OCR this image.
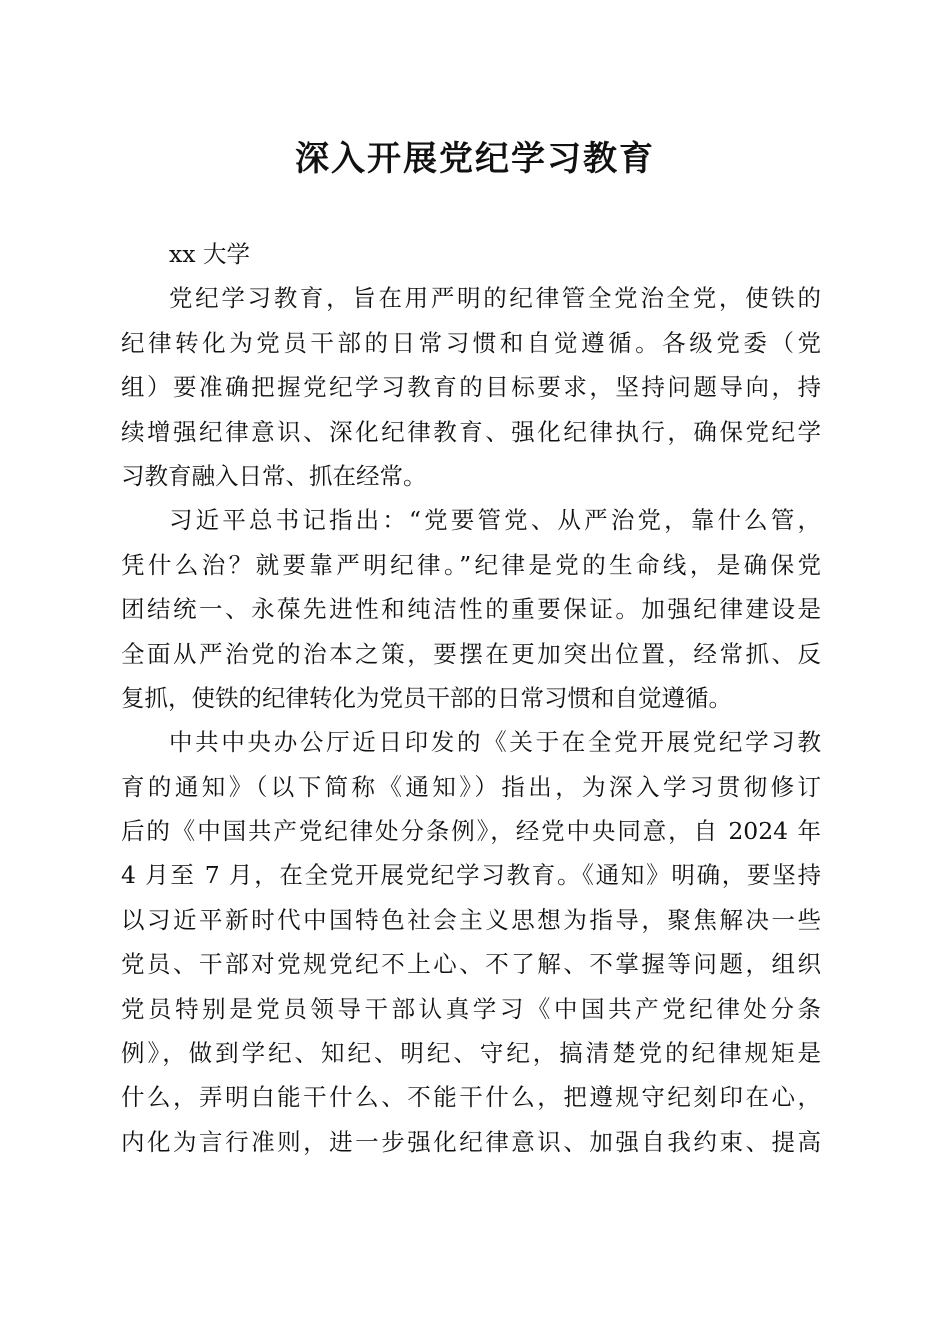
深入开展党纪学习教育
xx 大学
党纪学习教育，旨在用严明的纪律管全党治全党，使铁的
纪律转化为党员干部的日常习惯和自觉遵循。各级党委（党
组）要准确把握党纪学习教育的目标要求，坚持问题导向，持
续增强纪律意识、深化纪律教育、强化纪律执行，确保党纪学
习教育融入日常、抓在经常。
习近平总书记指出：“党要管党、从严治党，靠什么管，
凭什么治？就要靠严明纪律。”纪律是党的生命线，是确保党
团结统一、永葆先进性和纯洁性的重要保证。加强纪律建设是
全面从严治党的治本之策，要摆在更加突出位置，经常抓、反
复抓，使铁的纪律转化为党员干部的日常习惯和自觉遵循。
中共中央办公厅近日印发的《关于在全党开展党纪学习教
育的通知》（以下简称《通知》）指出，为深入学习贯彻修订
后的《中国共产党纪律处分条例》，经党中央同意，自 2024 年
4 月至 7 月，在全党开展党纪学习教育。《通知》明确，要坚持
以习近平新时代中国特色社会主义思想为指导，聚焦解决一些
党员、干部对党规党纪不上心、不了解、不掌握等问题，组织
党员特别是党员领导干部认真学习《中国共产党纪律处分条
例》，做到学纪、知纪、明纪、守纪，搞清楚党的纪律规矩是
什么，弄明白能干什么、不能干什么，把遵规守纪刻印在心，
内化为言行准则，进一步强化纪律意识、加强自我约束、提高
